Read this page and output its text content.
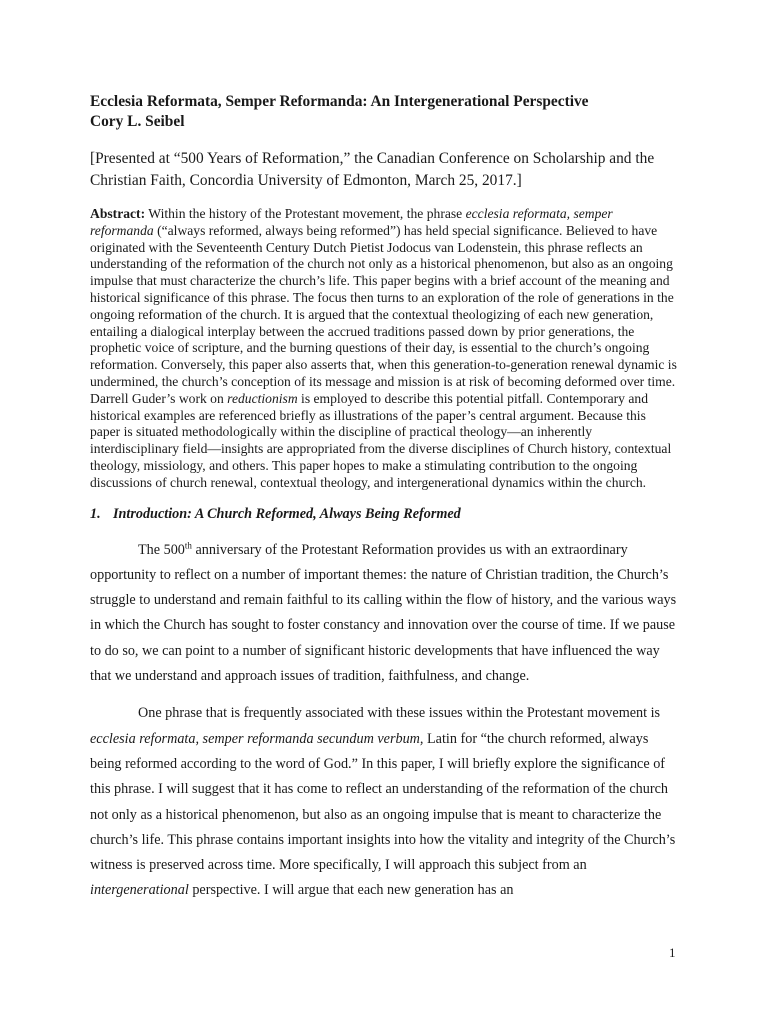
Ecclesia Reformata, Semper Reformanda: An Intergenerational Perspective

Cory L. Seibel

[Presented at “500 Years of Reformation,” the Canadian Conference on Scholarship and the Christian Faith, Concordia University of Edmonton, March 25, 2017.]

Abstract: Within the history of the Protestant movement, the phrase ecclesia reformata, semper reformanda (“always reformed, always being reformed”) has held special significance. Believed to have originated with the Seventeenth Century Dutch Pietist Jodocus van Lodenstein, this phrase reflects an understanding of the reformation of the church not only as a historical phenomenon, but also as an ongoing impulse that must characterize the church’s life. This paper begins with a brief account of the meaning and historical significance of this phrase. The focus then turns to an exploration of the role of generations in the ongoing reformation of the church. It is argued that the contextual theologizing of each new generation, entailing a dialogical interplay between the accrued traditions passed down by prior generations, the prophetic voice of scripture, and the burning questions of their day, is essential to the church’s ongoing reformation. Conversely, this paper also asserts that, when this generation-to-generation renewal dynamic is undermined, the church’s conception of its message and mission is at risk of becoming deformed over time. Darrell Guder’s work on reductionism is employed to describe this potential pitfall. Contemporary and historical examples are referenced briefly as illustrations of the paper’s central argument. Because this paper is situated methodologically within the discipline of practical theology—an inherently interdisciplinary field—insights are appropriated from the diverse disciplines of Church history, contextual theology, missiology, and others. This paper hopes to make a stimulating contribution to the ongoing discussions of church renewal, contextual theology, and intergenerational dynamics within the church.

1. Introduction: A Church Reformed, Always Being Reformed

The 500th anniversary of the Protestant Reformation provides us with an extraordinary opportunity to reflect on a number of important themes: the nature of Christian tradition, the Church’s struggle to understand and remain faithful to its calling within the flow of history, and the various ways in which the Church has sought to foster constancy and innovation over the course of time. If we pause to do so, we can point to a number of significant historic developments that have influenced the way that we understand and approach issues of tradition, faithfulness, and change.

One phrase that is frequently associated with these issues within the Protestant movement is ecclesia reformata, semper reformanda secundum verbum, Latin for “the church reformed, always being reformed according to the word of God.” In this paper, I will briefly explore the significance of this phrase. I will suggest that it has come to reflect an understanding of the reformation of the church not only as a historical phenomenon, but also as an ongoing impulse that is meant to characterize the church’s life. This phrase contains important insights into how the vitality and integrity of the Church’s witness is preserved across time. More specifically, I will approach this subject from an intergenerational perspective. I will argue that each new generation has an

1
